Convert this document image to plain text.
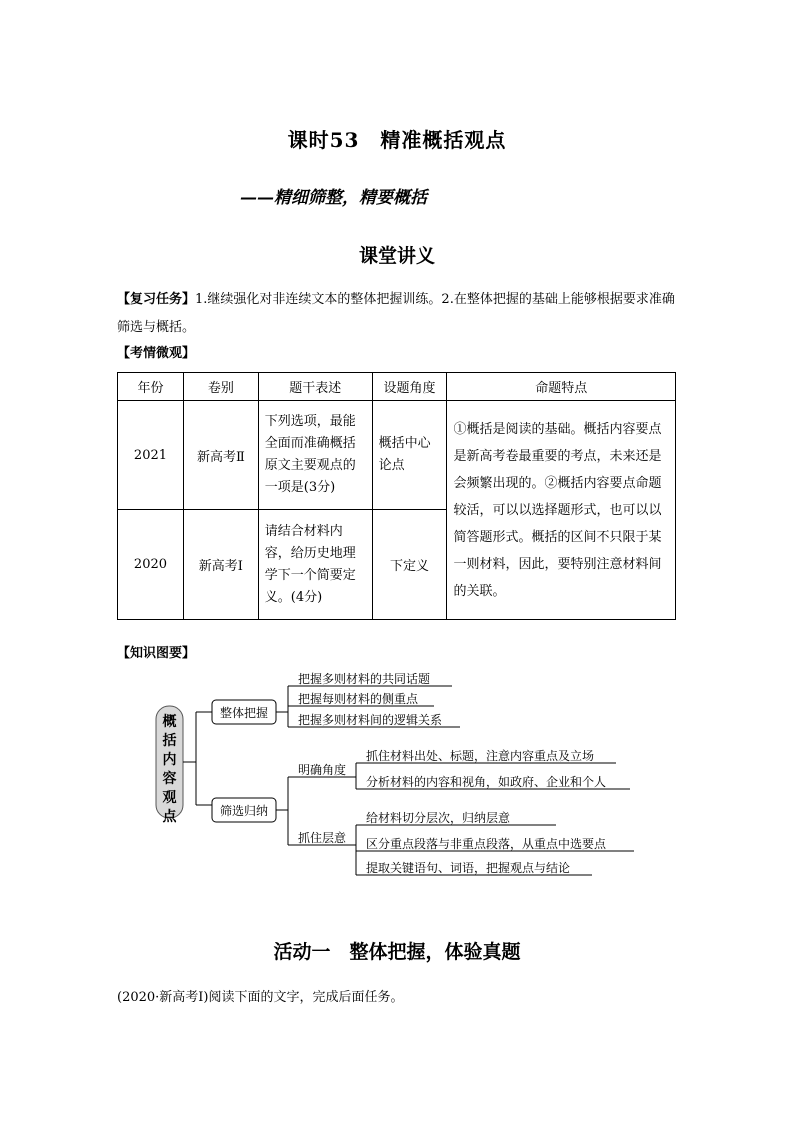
课时53　精准概括观点
——精细筛整，精要概括
课堂讲义
【复习任务】1.继续强化对非连续文本的整体把握训练。2.在整体把握的基础上能够根据要求准确筛选与概括。
【考情微观】
年份	卷别	题干表述	设题角度	命题特点
2021	新高考Ⅱ	下列选项，最能全面而准确概括原文主要观点的一项是(3分)	概括中心论点	①概括是阅读的基础。概括内容要点是新高考卷最重要的考点，未来还是会频繁出现的。②概括内容要点命题较活，可以以选择题形式，也可以以简答题形式。概括的区间不只限于某一则材料，因此，要特别注意材料间的关联。
2020	新高考Ⅰ	请结合材料内容，给历史地理学下一个简要定义。(4分)	下定义	
【知识图要】
概
括
内
容
观
点
整体把握
把握多则材料的共同话题
把握每则材料的侧重点
把握多则材料间的逻辑关系
筛选归纳
明确角度
抓住材料出处、标题，注意内容重点及立场
分析材料的内容和视角，如政府、企业和个人
抓住层意
给材料切分层次，归纳层意
区分重点段落与非重点段落，从重点中选要点
提取关键语句、词语，把握观点与结论
活动一　整体把握，体验真题
(2020·新高考Ⅰ)阅读下面的文字，完成后面任务。
